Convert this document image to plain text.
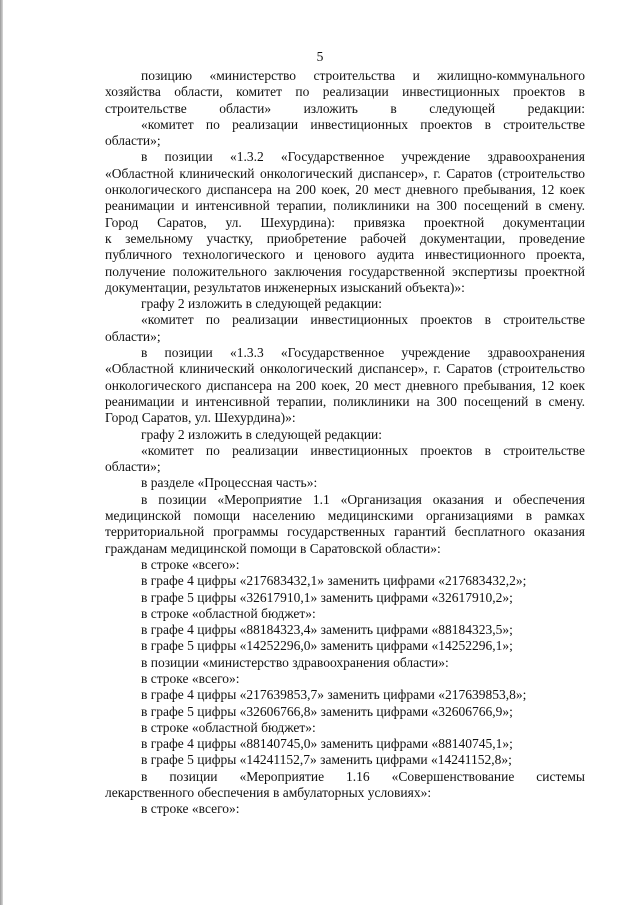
5
позицию «министерство строительства и жилищно-коммунального хозяйства области, комитет по реализации инвестиционных проектов в строительстве области» изложить в следующей редакции:
«комитет по реализации инвестиционных проектов в строительстве области»;
в позиции «1.3.2 «Государственное учреждение здравоохранения «Областной клинический онкологический диспансер», г. Саратов (строительство онкологического диспансера на 200 коек, 20 мест дневного пребывания, 12 коек реанимации и интенсивной терапии, поликлиники на 300 посещений в смену.
Город Саратов, ул. Шехурдина): привязка проектной документации
к земельному участку, приобретение рабочей документации, проведение публичного технологического и ценового аудита инвестиционного проекта, получение положительного заключения государственной экспертизы проектной документации, результатов инженерных изысканий объекта)»:
графу 2 изложить в следующей редакции:
«комитет по реализации инвестиционных проектов в строительстве области»;
в позиции «1.3.3 «Государственное учреждение здравоохранения «Областной клинический онкологический диспансер», г. Саратов (строительство онкологического диспансера на 200 коек, 20 мест дневного пребывания, 12 коек реанимации и интенсивной терапии, поликлиники на 300 посещений в смену. Город Саратов, ул. Шехурдина)»:
графу 2 изложить в следующей редакции:
«комитет по реализации инвестиционных проектов в строительстве области»;
в разделе «Процессная часть»:
в позиции «Мероприятие 1.1 «Организация оказания и обеспечения медицинской помощи населению медицинскими организациями в рамках территориальной программы государственных гарантий бесплатного оказания гражданам медицинской помощи в Саратовской области»:
в строке «всего»:
в графе 4 цифры «217683432,1» заменить цифрами «217683432,2»;
в графе 5 цифры «32617910,1» заменить цифрами «32617910,2»;
в строке «областной бюджет»:
в графе 4 цифры «88184323,4» заменить цифрами «88184323,5»;
в графе 5 цифры «14252296,0» заменить цифрами «14252296,1»;
в позиции «министерство здравоохранения области»:
в строке «всего»:
в графе 4 цифры «217639853,7» заменить цифрами «217639853,8»;
в графе 5 цифры «32606766,8» заменить цифрами «32606766,9»;
в строке «областной бюджет»:
в графе 4 цифры «88140745,0» заменить цифрами «88140745,1»;
в графе 5 цифры «14241152,7» заменить цифрами «14241152,8»;
в позиции «Мероприятие 1.16 «Совершенствование системы
лекарственного обеспечения в амбулаторных условиях»:
в строке «всего»:
